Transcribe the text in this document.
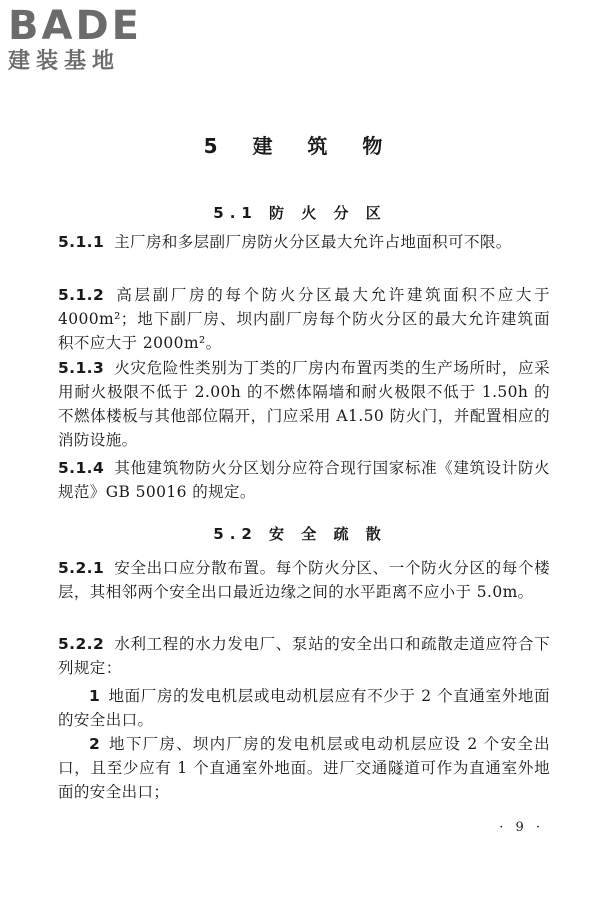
BADE
建装基地
5 建 筑 物
5.1 防 火 分 区
5.1.1 主厂房和多层副厂房防火分区最大允许占地面积可不限。
5.1.2 高层副厂房的每个防火分区最大允许建筑面积不应大于 4000m²；地下副厂房、坝内副厂房每个防火分区的最大允许建筑面积不应大于 2000m²。
5.1.3 火灾危险性类别为丁类的厂房内布置丙类的生产场所时，应采用耐火极限不低于 2.00h 的不燃体隔墙和耐火极限不低于 1.50h 的不燃体楼板与其他部位隔开，门应采用 A1.50 防火门，并配置相应的消防设施。
5.1.4 其他建筑物防火分区划分应符合现行国家标准《建筑设计防火规范》GB 50016 的规定。
5.2 安 全 疏 散
5.2.1 安全出口应分散布置。每个防火分区、一个防火分区的每个楼层，其相邻两个安全出口最近边缘之间的水平距离不应小于 5.0m。
5.2.2 水利工程的水力发电厂、泵站的安全出口和疏散走道应符合下列规定：
1 地面厂房的发电机层或电动机层应有不少于 2 个直通室外地面的安全出口。
2 地下厂房、坝内厂房的发电机层或电动机层应设 2 个安全出口，且至少应有 1 个直通室外地面。进厂交通隧道可作为直通室外地面的安全出口；
· 9 ·
